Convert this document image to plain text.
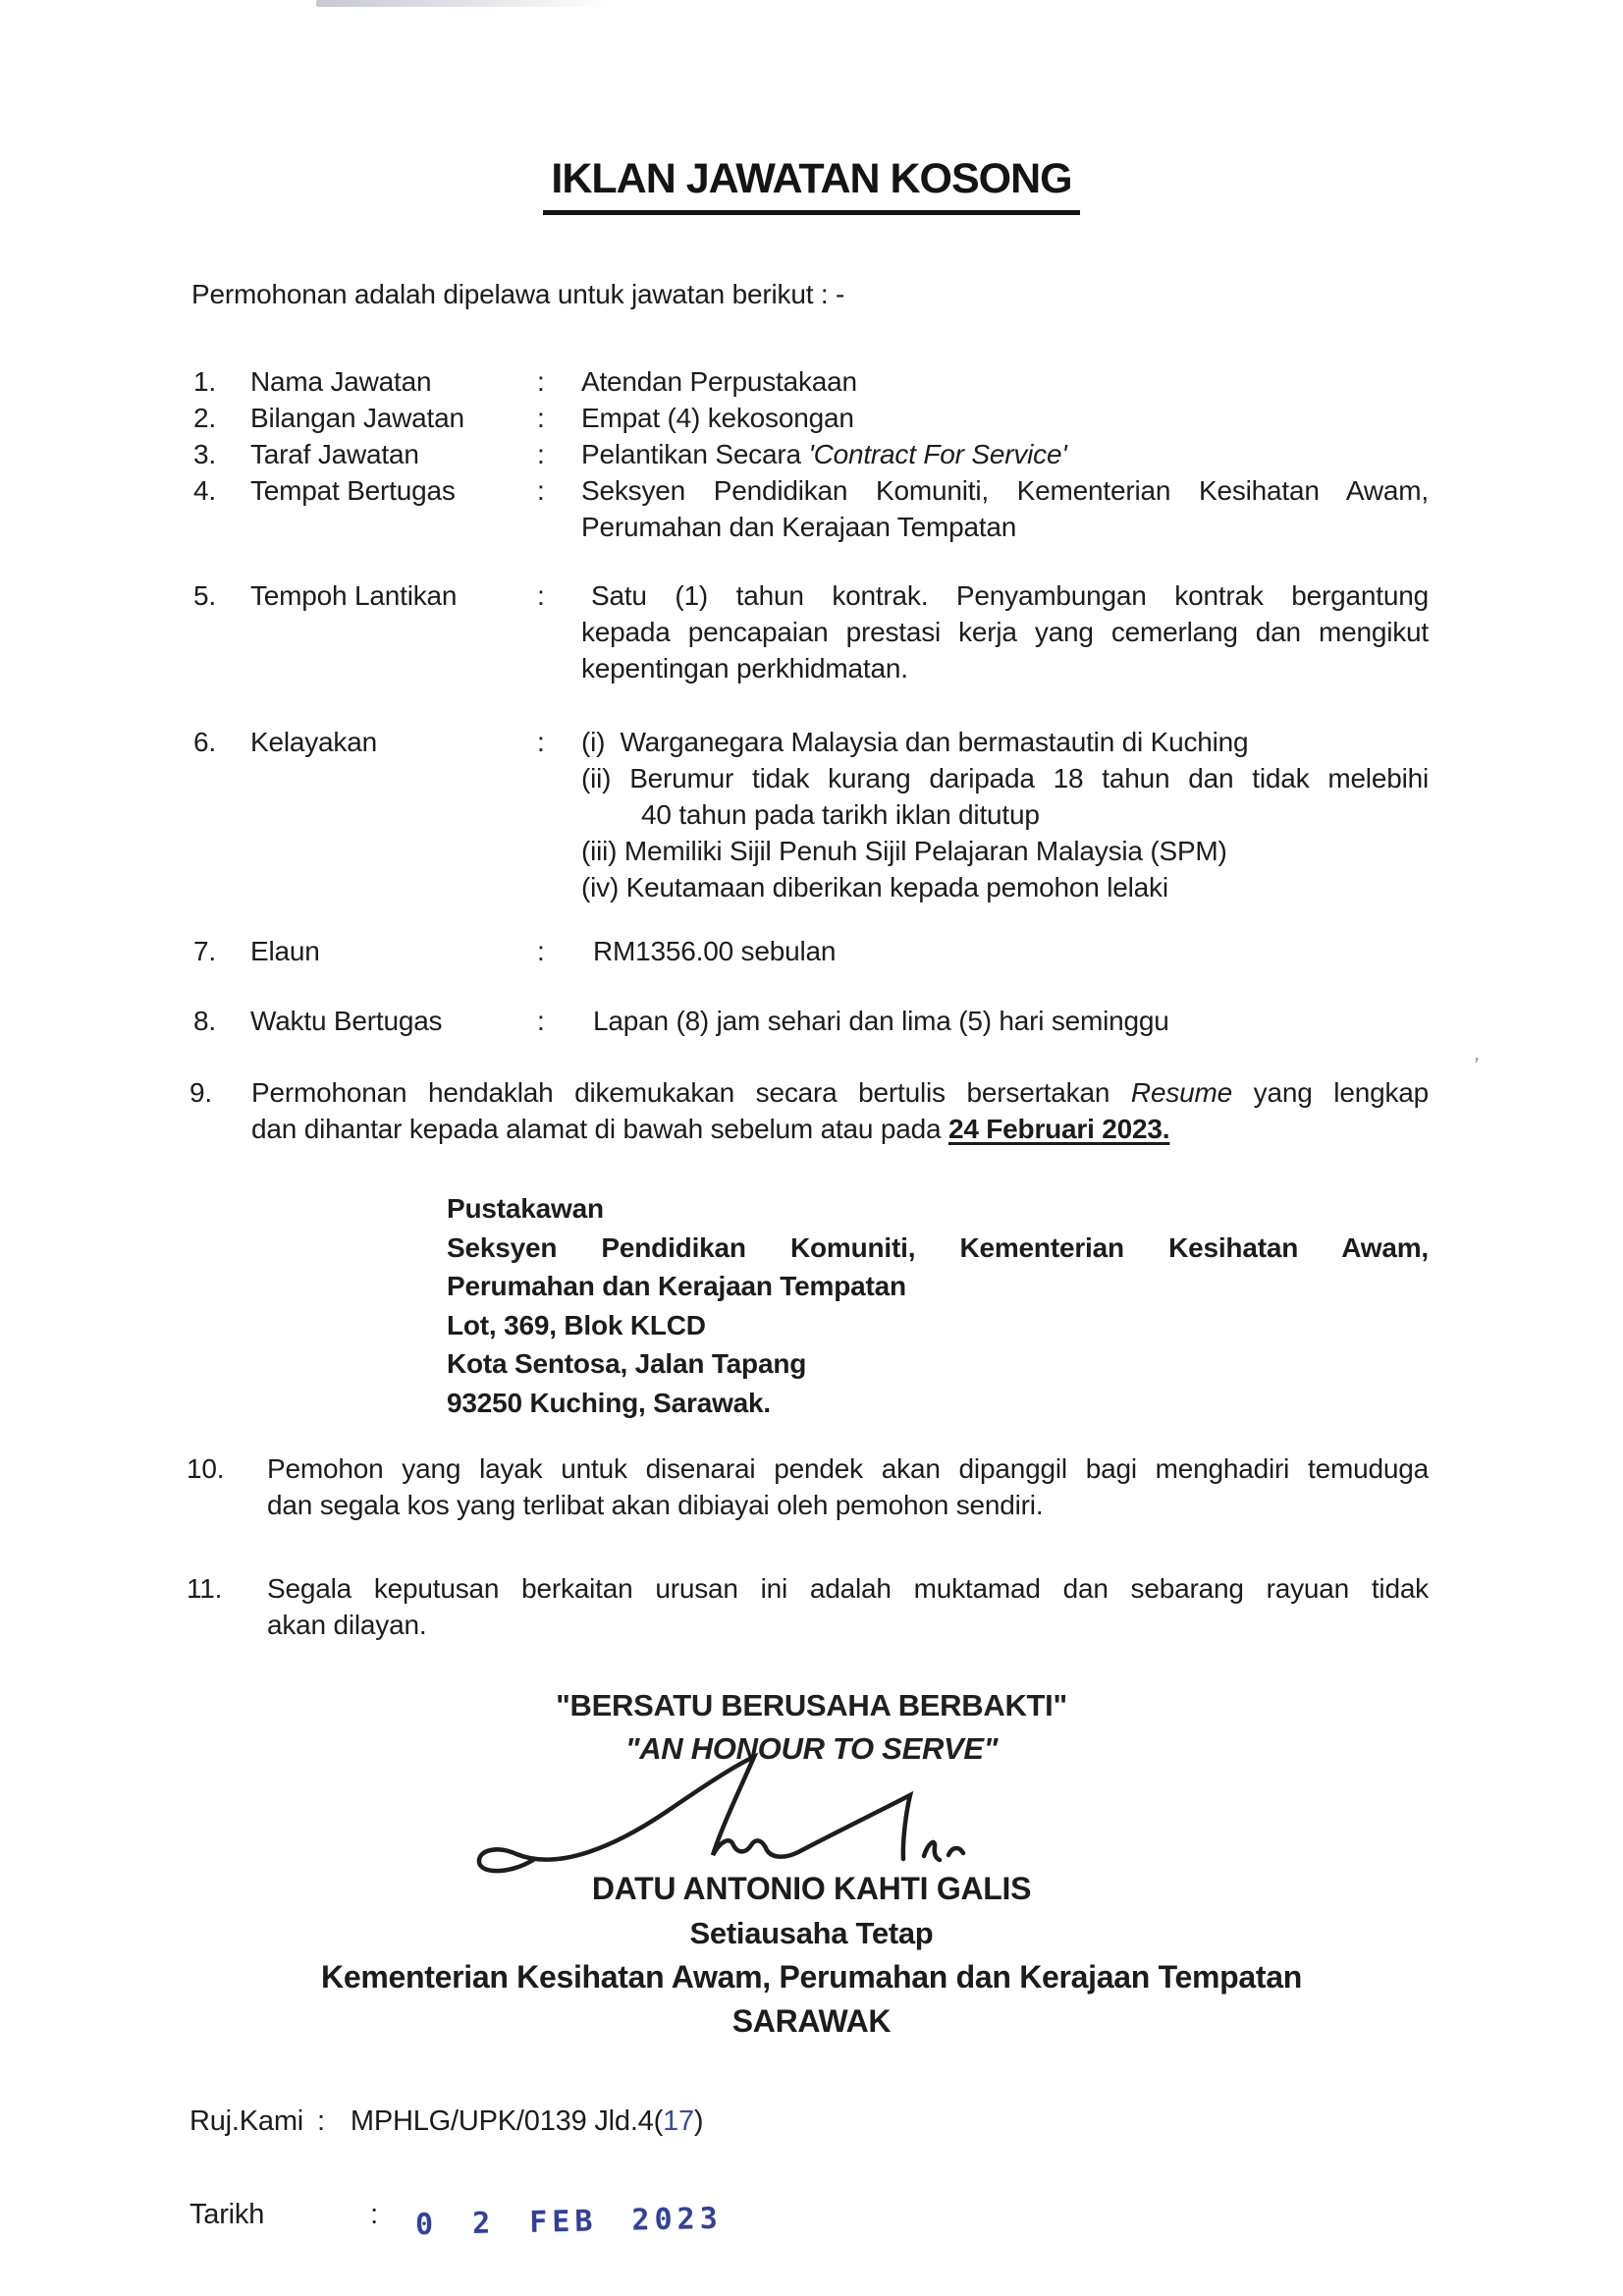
IKLAN JAWATAN KOSONG
Permohonan adalah dipelawa untuk jawatan berikut : -
1. Nama Jawatan	: Atendan Perpustakaan
2. Bilangan Jawatan	: Empat (4) kekosongan
3. Taraf Jawatan	: Pelantikan Secara 'Contract For Service'
4. Tempat Bertugas	: Seksyen Pendidikan Komuniti, Kementerian Kesihatan Awam,
Perumahan dan Kerajaan Tempatan
5. Tempoh Lantikan	: Satu (1) tahun kontrak. Penyambungan kontrak bergantung
kepada pencapaian prestasi kerja yang cemerlang dan mengikut
kepentingan perkhidmatan.
6. Kelayakan	: (i) Warganegara Malaysia dan bermastautin di Kuching
(ii) Berumur tidak kurang daripada 18 tahun dan tidak melebihi
40 tahun pada tarikh iklan ditutup
(iii) Memiliki Sijil Penuh Sijil Pelajaran Malaysia (SPM)
(iv) Keutamaan diberikan kepada pemohon lelaki
7. Elaun	: RM1356.00 sebulan
8. Waktu Bertugas	: Lapan (8) jam sehari dan lima (5) hari seminggu
9. Permohonan hendaklah dikemukakan secara bertulis bersertakan Resume yang lengkap
dan dihantar kepada alamat di bawah sebelum atau pada 24 Februari 2023.
Pustakawan
Seksyen Pendidikan Komuniti, Kementerian Kesihatan Awam,
Perumahan dan Kerajaan Tempatan
Lot, 369, Blok KLCD
Kota Sentosa, Jalan Tapang
93250 Kuching, Sarawak.
10. Pemohon yang layak untuk disenarai pendek akan dipanggil bagi menghadiri temuduga
dan segala kos yang terlibat akan dibiayai oleh pemohon sendiri.
11. Segala keputusan berkaitan urusan ini adalah muktamad dan sebarang rayuan tidak
akan dilayan.
"BERSATU BERUSAHA BERBAKTI"
"AN HONOUR TO SERVE"
DATU ANTONIO KAHTI GALIS
Setiausaha Tetap
Kementerian Kesihatan Awam, Perumahan dan Kerajaan Tempatan
SARAWAK
Ruj.Kami : MPHLG/UPK/0139 Jld.4(17)
Tarikh	: 0 2 FEB 2023
’
